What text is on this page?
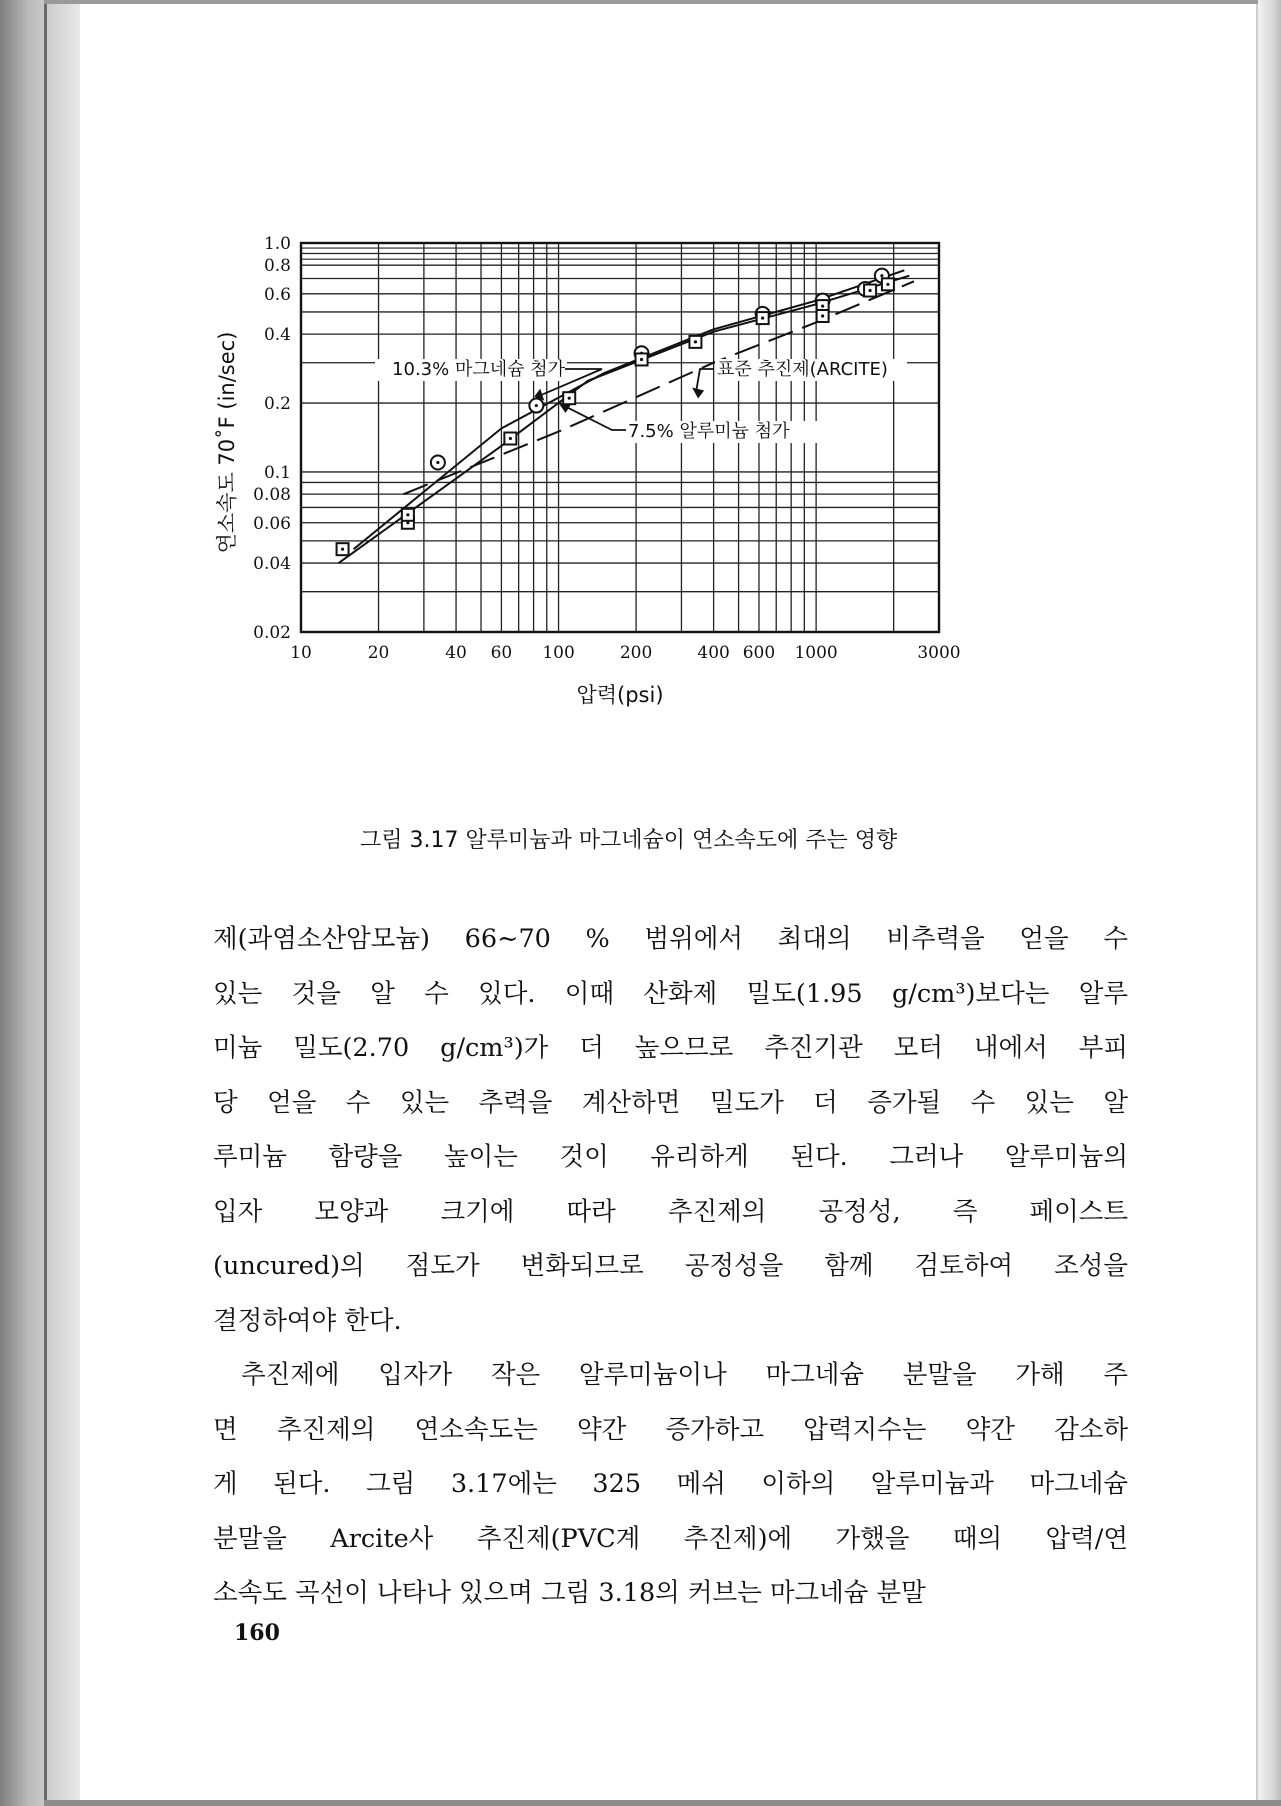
10	20	40 60 100	200	400 600 1000	3000
1.0
0.8
0.6
0.4
0.2
0.1
0.08
0.06
0.04
0.02
압력(psi)
연소속도 70˚F (in/sec)	10.3% 마그네슘 첨가	표준 추진제(ARCITE)
7.5% 알루미늄 첨가
그림 3.17 알루미늄과 마그네슘이 연소속도에 주는 영향
제(과염소산암모늄) 66∼70 % 범위에서 최대의 비추력을 얻을 수
있는 것을 알 수 있다. 이때 산화제 밀도(1.95 g/cm³)보다는 알루
미늄 밀도(2.70 g/cm³)가 더 높으므로 추진기관 모터 내에서 부피
당 얻을 수 있는 추력을 계산하면 밀도가 더 증가될 수 있는 알
루미늄 함량을 높이는 것이 유리하게 된다. 그러나 알루미늄의
입자 모양과 크기에 따라 추진제의 공정성, 즉 페이스트
(uncured)의 점도가 변화되므로 공정성을 함께 검토하여 조성을
결정하여야 한다.
추진제에 입자가 작은 알루미늄이나 마그네슘 분말을 가해 주
면 추진제의 연소속도는 약간 증가하고 압력지수는 약간 감소하
게 된다. 그림 3.17에는 325 메쉬 이하의 알루미늄과 마그네슘
분말을 Arcite사 추진제(PVC계 추진제)에 가했을 때의 압력/연
소속도 곡선이 나타나 있으며 그림 3.18의 커브는 마그네슘 분말
160
